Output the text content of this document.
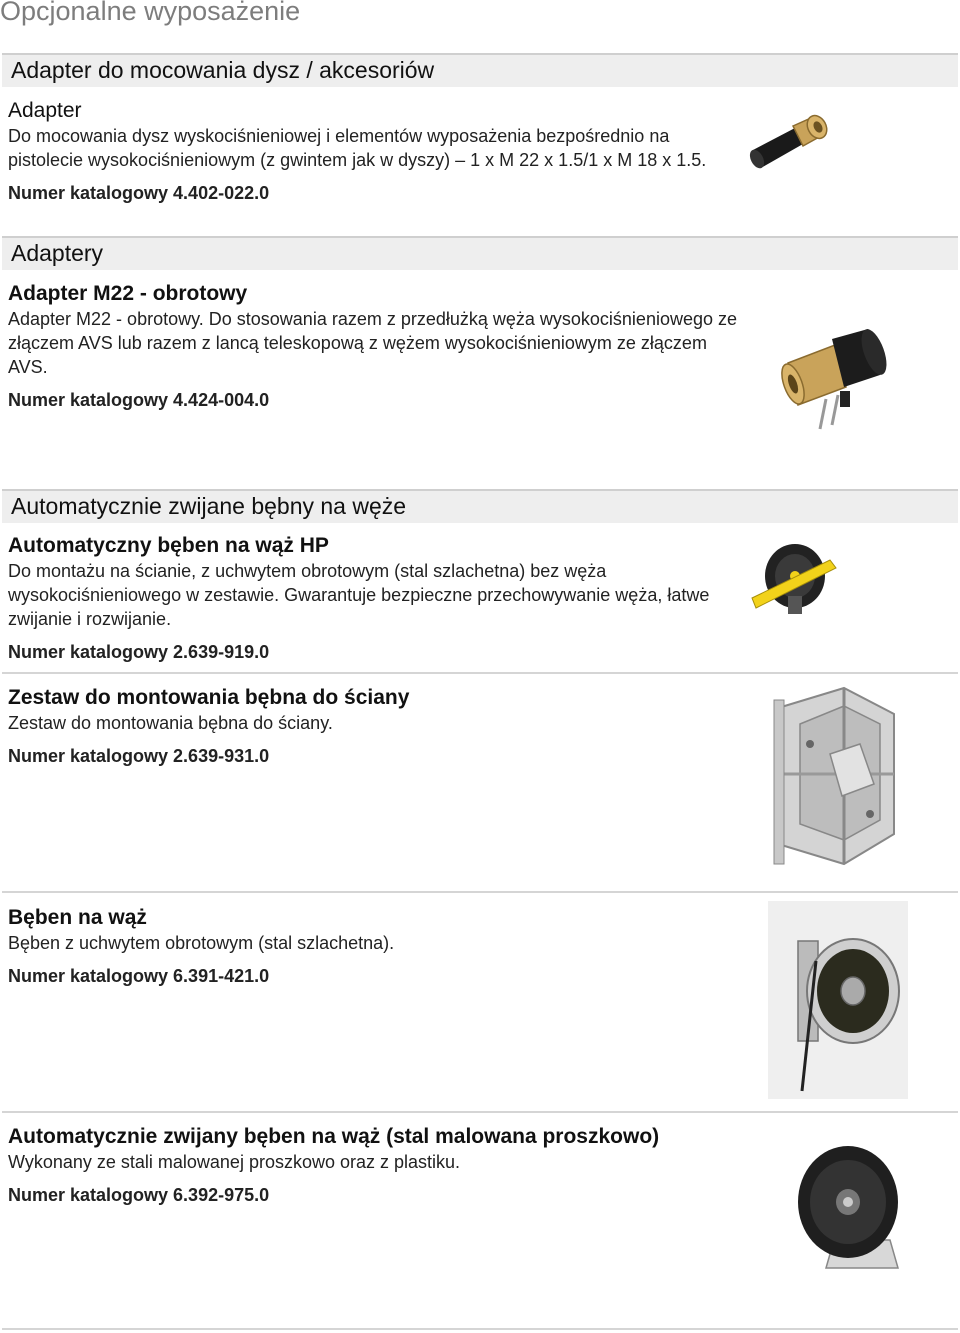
Opcjonalne wyposażenie
Adapter do mocowania dysz / akcesoriów
Adapter

Do mocowania dysz wyskociśnieniowej i elementów wyposażenia bezpośrednio na pistolecie wysokociśnieniowym (z gwintem jak w dyszy) – 1 x M 22 x 1.5/1 x M 18 x 1.5.

Numer katalogowy 4.402-022.0
Adaptery
Adapter M22 - obrotowy

Adapter M22 - obrotowy. Do stosowania razem z przedłużką węża wysokociśnieniowego ze złączem AVS lub razem z lancą teleskopową z wężem wysokociśnieniowym ze złączem AVS.

Numer katalogowy 4.424-004.0
Automatycznie zwijane bębny na węże
Automatyczny bęben na wąż HP

Do montażu na ścianie, z uchwytem obrotowym (stal szlachetna) bez węża wysokociśnieniowego w zestawie. Gwarantuje bezpieczne przechowywanie węża, łatwe zwijanie i rozwijanie.

Numer katalogowy 2.639-919.0
Zestaw do montowania bębna do ściany

Zestaw do montowania bębna do ściany.

Numer katalogowy 2.639-931.0
Bęben na wąż

Bęben z uchwytem obrotowym (stal szlachetna).

Numer katalogowy 6.391-421.0
Automatycznie zwijany bęben na wąż (stal malowana proszkowo)

Wykonany ze stali malowanej proszkowo oraz z plastiku.

Numer katalogowy 6.392-975.0
